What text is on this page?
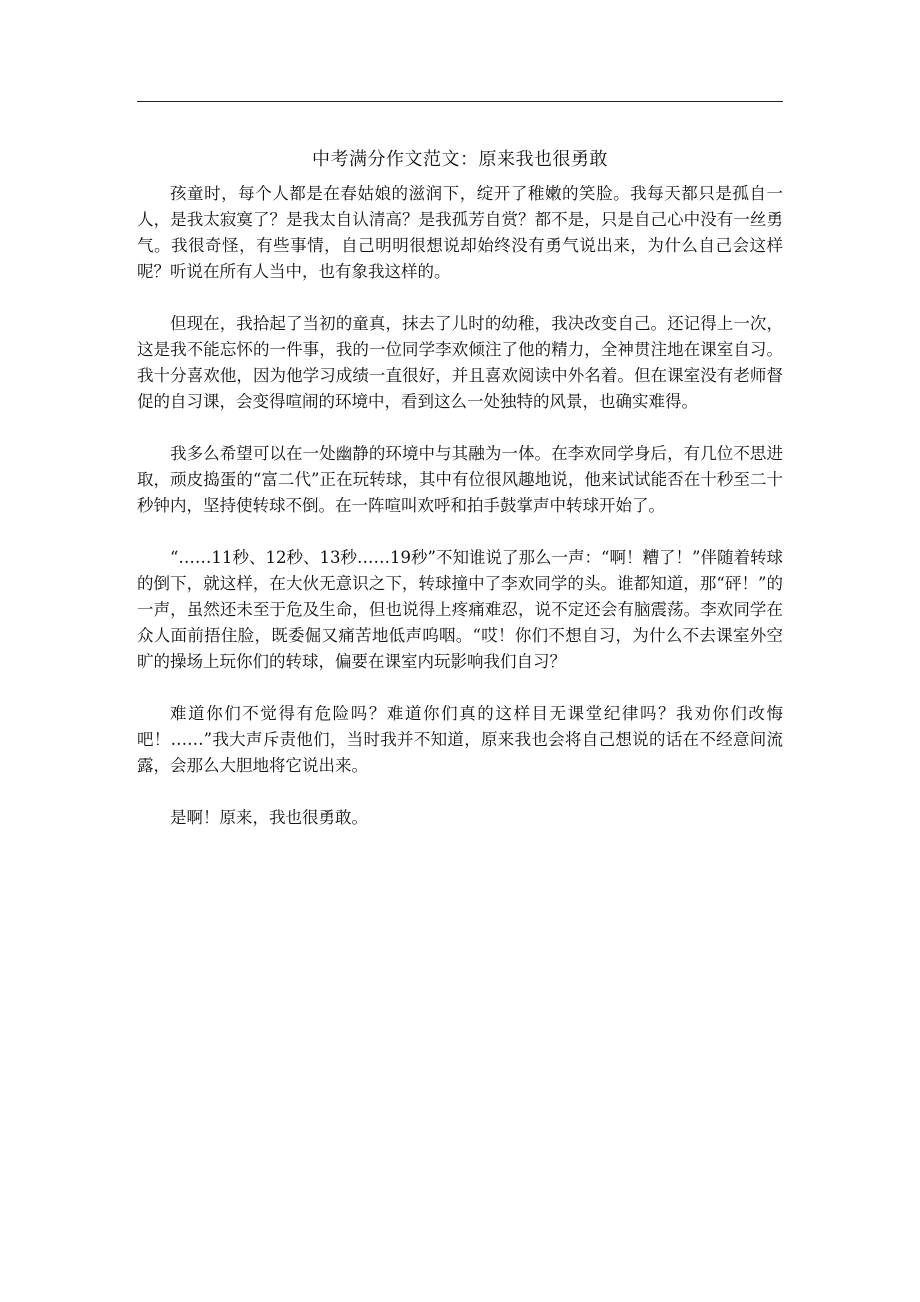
中考满分作文范文：原来我也很勇敢

孩童时，每个人都是在春姑娘的滋润下，绽开了稚嫩的笑脸。我每天都只是孤自一人，是我太寂寞了？是我太自认清高？是我孤芳自赏？都不是，只是自己心中没有一丝勇气。我很奇怪，有些事情，自己明明很想说却始终没有勇气说出来，为什么自己会这样呢？听说在所有人当中，也有象我这样的。

但现在，我拾起了当初的童真，抹去了儿时的幼稚，我决改变自己。还记得上一次，这是我不能忘怀的一件事，我的一位同学李欢倾注了他的精力，全神贯注地在课室自习。我十分喜欢他，因为他学习成绩一直很好，并且喜欢阅读中外名着。但在课室没有老师督促的自习课，会变得喧闹的环境中，看到这么一处独特的风景，也确实难得。

我多么希望可以在一处幽静的环境中与其融为一体。在李欢同学身后，有几位不思进取，顽皮捣蛋的“富二代”正在玩转球，其中有位很风趣地说，他来试试能否在十秒至二十秒钟内，坚持使转球不倒。在一阵喧叫欢呼和拍手鼓掌声中转球开始了。

“……11秒、12秒、13秒……19秒”不知谁说了那么一声：“啊！糟了！”伴随着转球的倒下，就这样，在大伙无意识之下，转球撞中了李欢同学的头。谁都知道，那“砰！”的一声，虽然还未至于危及生命，但也说得上疼痛难忍，说不定还会有脑震荡。李欢同学在众人面前捂住脸，既委倔又痛苦地低声呜咽。“哎！你们不想自习，为什么不去课室外空旷的操场上玩你们的转球，偏要在课室内玩影响我们自习？

难道你们不觉得有危险吗？难道你们真的这样目无课堂纪律吗？我劝你们改悔吧！……”我大声斥责他们，当时我并不知道，原来我也会将自己想说的话在不经意间流露，会那么大胆地将它说出来。

是啊！原来，我也很勇敢。
